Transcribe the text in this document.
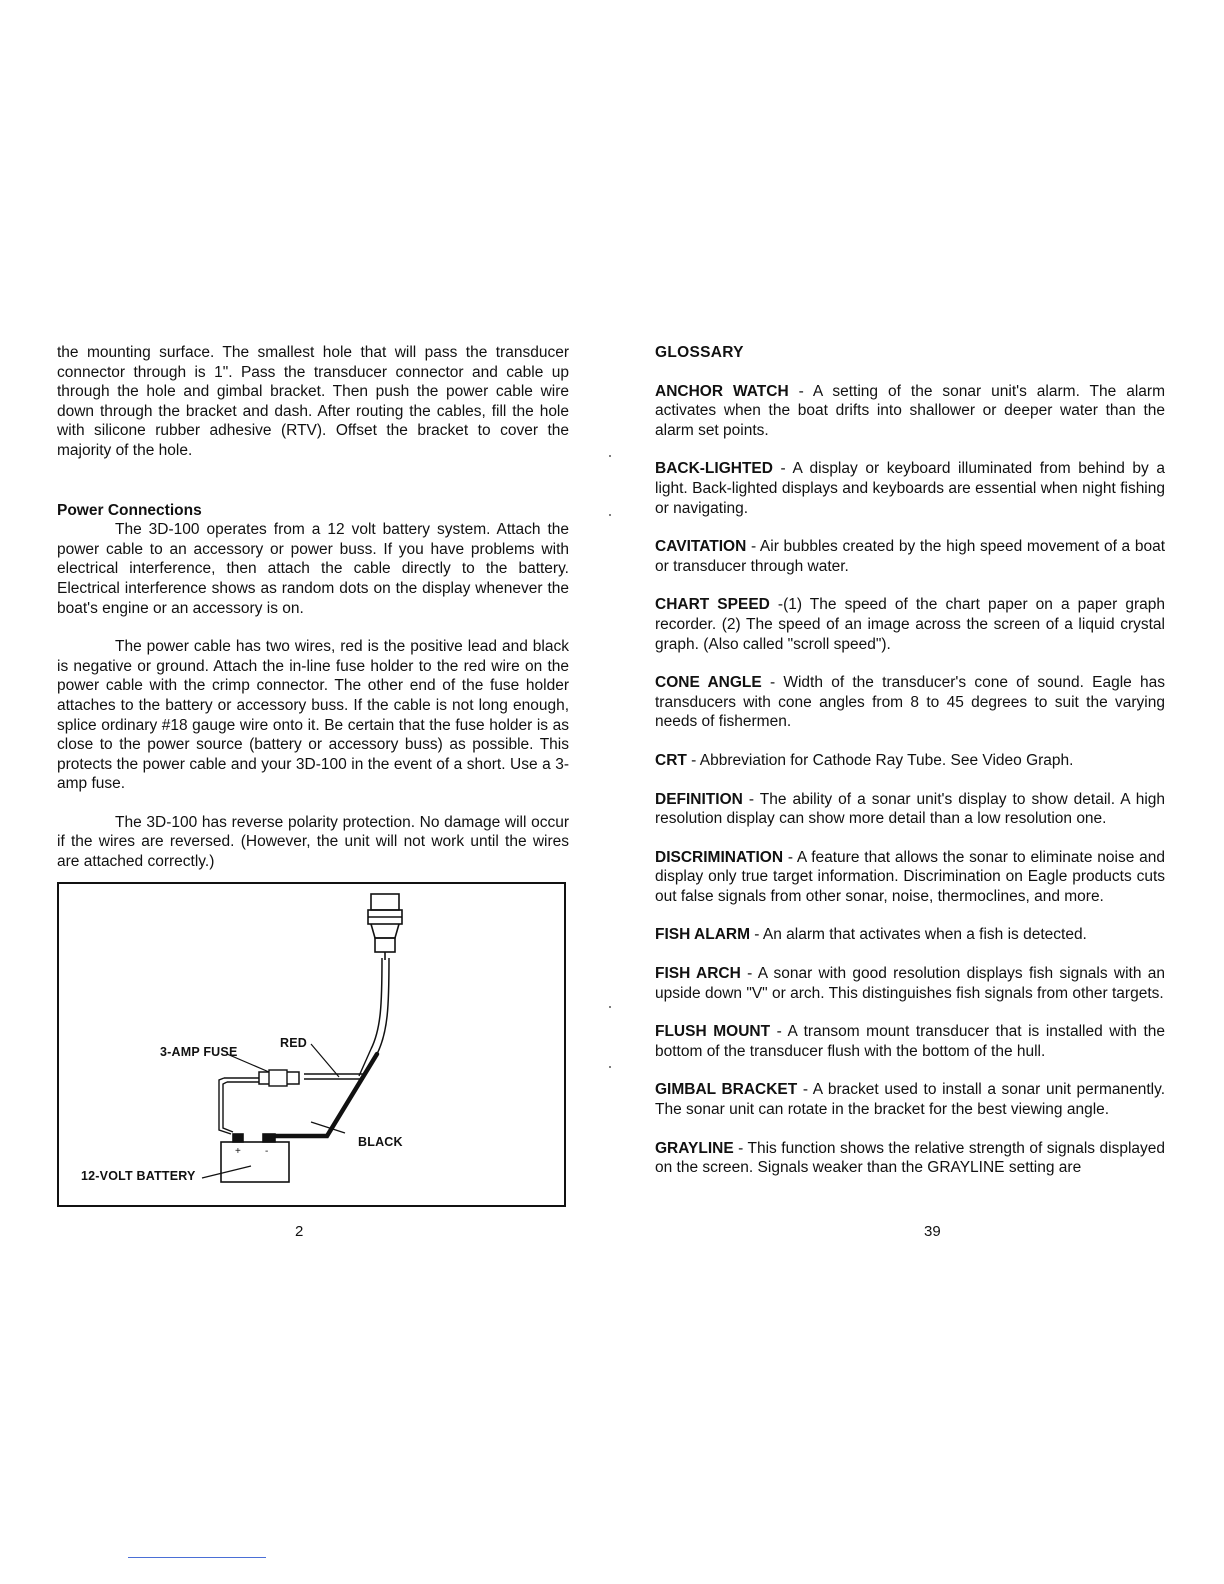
the mounting surface. The smallest hole that will pass the transducer connector through is 1". Pass the transducer connector and cable up through the hole and gimbal bracket. Then push the power cable wire down through the bracket and dash. After routing the cables, fill the hole with silicone rubber adhesive (RTV). Offset the bracket to cover the majority of the hole.

Power Connections

The 3D-100 operates from a 12 volt battery system. Attach the power cable to an accessory or power buss. If you have problems with electrical interference, then attach the cable directly to the battery. Electrical interference shows as random dots on the display whenever the boat's engine or an accessory is on.

The power cable has two wires, red is the positive lead and black is negative or ground. Attach the in-line fuse holder to the red wire on the power cable with the crimp connector. The other end of the fuse holder attaches to the battery or accessory buss. If the cable is not long enough, splice ordinary #18 gauge wire onto it. Be certain that the fuse holder is as close to the power source (battery or accessory buss) as possible. This protects the power cable and your 3D-100 in the event of a short. Use a 3-amp fuse.

The 3D-100 has reverse polarity protection. No damage will occur if the wires are reversed. (However, the unit will not work until the wires are attached correctly.)

+ -
3-AMP FUSE
RED
BLACK
12-VOLT BATTERY
2

GLOSSARY

ANCHOR WATCH - A setting of the sonar unit's alarm. The alarm activates when the boat drifts into shallower or deeper water than the alarm set points.

BACK-LIGHTED - A display or keyboard illuminated from behind by a light. Back-lighted displays and keyboards are essential when night fishing or navigating.

CAVITATION - Air bubbles created by the high speed movement of a boat or transducer through water.

CHART SPEED -(1) The speed of the chart paper on a paper graph recorder. (2) The speed of an image across the screen of a liquid crystal graph. (Also called "scroll speed").

CONE ANGLE - Width of the transducer's cone of sound. Eagle has transducers with cone angles from 8 to 45 degrees to suit the varying needs of fishermen.

CRT - Abbreviation for Cathode Ray Tube. See Video Graph.

DEFINITION - The ability of a sonar unit's display to show detail. A high resolution display can show more detail than a low resolution one.

DISCRIMINATION - A feature that allows the sonar to eliminate noise and display only true target information. Discrimination on Eagle products cuts out false signals from other sonar, noise, thermoclines, and more.

FISH ALARM - An alarm that activates when a fish is detected.

FISH ARCH - A sonar with good resolution displays fish signals with an upside down "V" or arch. This distinguishes fish signals from other targets.

FLUSH MOUNT - A transom mount transducer that is installed with the bottom of the transducer flush with the bottom of the hull.

GIMBAL BRACKET - A bracket used to install a sonar unit permanently. The sonar unit can rotate in the bracket for the best viewing angle.

GRAYLINE - This function shows the relative strength of signals displayed on the screen. Signals weaker than the GRAYLINE setting are

39
